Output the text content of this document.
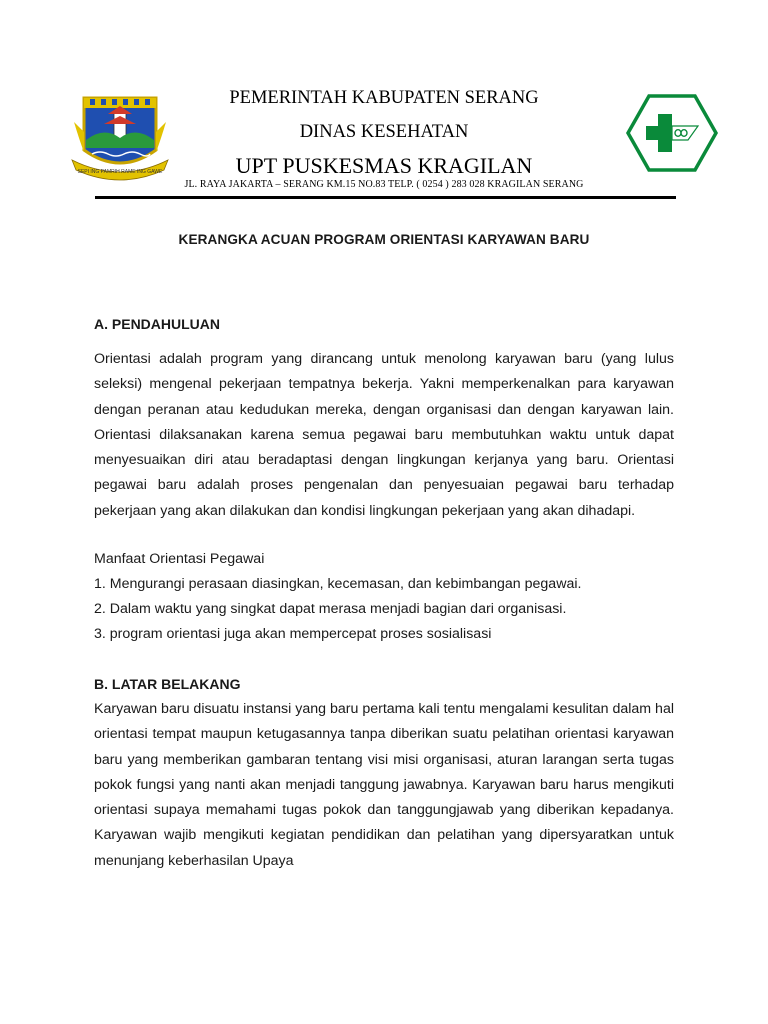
SEPI ING PAMRIH RAME ING GAWE
PEMERINTAH KABUPATEN SERANG
DINAS KESEHATAN
UPT PUSKESMAS KRAGILAN
JL. RAYA JAKARTA – SERANG KM.15 NO.83 TELP. ( 0254 ) 283 028 KRAGILAN SERANG
KERANGKA ACUAN PROGRAM ORIENTASI KARYAWAN BARU
A. PENDAHULUAN

Orientasi adalah program yang dirancang untuk menolong karyawan baru (yang lulus seleksi) mengenal pekerjaan tempatnya bekerja. Yakni memperkenalkan para karyawan dengan peranan atau kedudukan mereka, dengan organisasi dan dengan karyawan lain. Orientasi dilaksanakan karena semua pegawai baru membutuhkan waktu untuk dapat menyesuaikan diri atau beradaptasi dengan lingkungan kerjanya yang baru. Orientasi pegawai baru adalah proses pengenalan dan penyesuaian pegawai baru terhadap pekerjaan yang akan dilakukan dan kondisi lingkungan pekerjaan yang akan dihadapi.

Manfaat Orientasi Pegawai

1. Mengurangi perasaan diasingkan, kecemasan, dan kebimbangan pegawai.

2. Dalam waktu yang singkat dapat merasa menjadi bagian dari organisasi.

3. program orientasi juga akan mempercepat proses sosialisasi

B. LATAR BELAKANG

Karyawan baru disuatu instansi yang baru pertama kali tentu mengalami kesulitan dalam hal orientasi tempat maupun ketugasannya tanpa diberikan suatu pelatihan orientasi karyawan baru yang memberikan gambaran tentang visi misi organisasi, aturan larangan serta tugas pokok fungsi yang nanti akan menjadi tanggung jawabnya. Karyawan baru harus mengikuti orientasi supaya memahami tugas pokok dan tanggungjawab yang diberikan kepadanya. Karyawan wajib mengikuti kegiatan pendidikan dan pelatihan yang dipersyaratkan untuk menunjang keberhasilan Upaya
